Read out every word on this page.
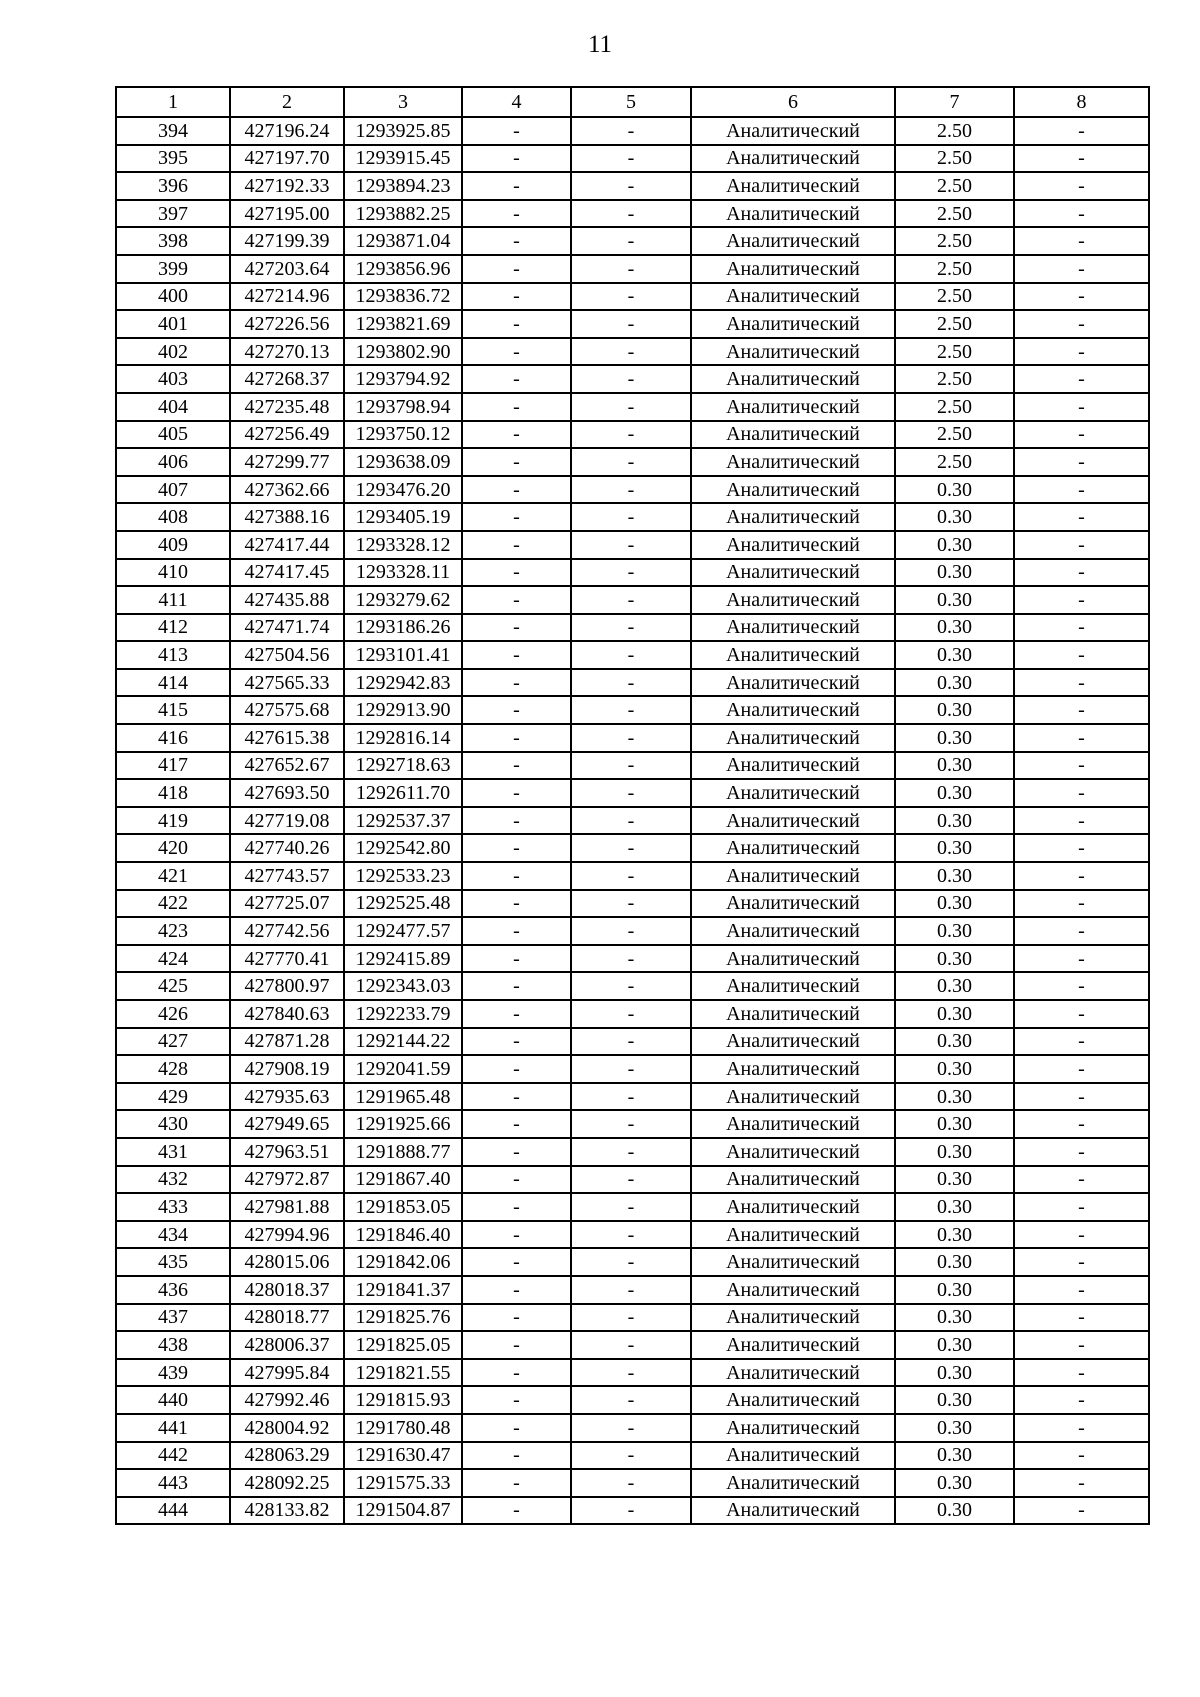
11
1	2	3	4	5	6	7	8
394	427196.24	1293925.85	-	-	Аналитический	2.50	-
395	427197.70	1293915.45	-	-	Аналитический	2.50	-
396	427192.33	1293894.23	-	-	Аналитический	2.50	-
397	427195.00	1293882.25	-	-	Аналитический	2.50	-
398	427199.39	1293871.04	-	-	Аналитический	2.50	-
399	427203.64	1293856.96	-	-	Аналитический	2.50	-
400	427214.96	1293836.72	-	-	Аналитический	2.50	-
401	427226.56	1293821.69	-	-	Аналитический	2.50	-
402	427270.13	1293802.90	-	-	Аналитический	2.50	-
403	427268.37	1293794.92	-	-	Аналитический	2.50	-
404	427235.48	1293798.94	-	-	Аналитический	2.50	-
405	427256.49	1293750.12	-	-	Аналитический	2.50	-
406	427299.77	1293638.09	-	-	Аналитический	2.50	-
407	427362.66	1293476.20	-	-	Аналитический	0.30	-
408	427388.16	1293405.19	-	-	Аналитический	0.30	-
409	427417.44	1293328.12	-	-	Аналитический	0.30	-
410	427417.45	1293328.11	-	-	Аналитический	0.30	-
411	427435.88	1293279.62	-	-	Аналитический	0.30	-
412	427471.74	1293186.26	-	-	Аналитический	0.30	-
413	427504.56	1293101.41	-	-	Аналитический	0.30	-
414	427565.33	1292942.83	-	-	Аналитический	0.30	-
415	427575.68	1292913.90	-	-	Аналитический	0.30	-
416	427615.38	1292816.14	-	-	Аналитический	0.30	-
417	427652.67	1292718.63	-	-	Аналитический	0.30	-
418	427693.50	1292611.70	-	-	Аналитический	0.30	-
419	427719.08	1292537.37	-	-	Аналитический	0.30	-
420	427740.26	1292542.80	-	-	Аналитический	0.30	-
421	427743.57	1292533.23	-	-	Аналитический	0.30	-
422	427725.07	1292525.48	-	-	Аналитический	0.30	-
423	427742.56	1292477.57	-	-	Аналитический	0.30	-
424	427770.41	1292415.89	-	-	Аналитический	0.30	-
425	427800.97	1292343.03	-	-	Аналитический	0.30	-
426	427840.63	1292233.79	-	-	Аналитический	0.30	-
427	427871.28	1292144.22	-	-	Аналитический	0.30	-
428	427908.19	1292041.59	-	-	Аналитический	0.30	-
429	427935.63	1291965.48	-	-	Аналитический	0.30	-
430	427949.65	1291925.66	-	-	Аналитический	0.30	-
431	427963.51	1291888.77	-	-	Аналитический	0.30	-
432	427972.87	1291867.40	-	-	Аналитический	0.30	-
433	427981.88	1291853.05	-	-	Аналитический	0.30	-
434	427994.96	1291846.40	-	-	Аналитический	0.30	-
435	428015.06	1291842.06	-	-	Аналитический	0.30	-
436	428018.37	1291841.37	-	-	Аналитический	0.30	-
437	428018.77	1291825.76	-	-	Аналитический	0.30	-
438	428006.37	1291825.05	-	-	Аналитический	0.30	-
439	427995.84	1291821.55	-	-	Аналитический	0.30	-
440	427992.46	1291815.93	-	-	Аналитический	0.30	-
441	428004.92	1291780.48	-	-	Аналитический	0.30	-
442	428063.29	1291630.47	-	-	Аналитический	0.30	-
443	428092.25	1291575.33	-	-	Аналитический	0.30	-
444	428133.82	1291504.87	-	-	Аналитический	0.30	-
